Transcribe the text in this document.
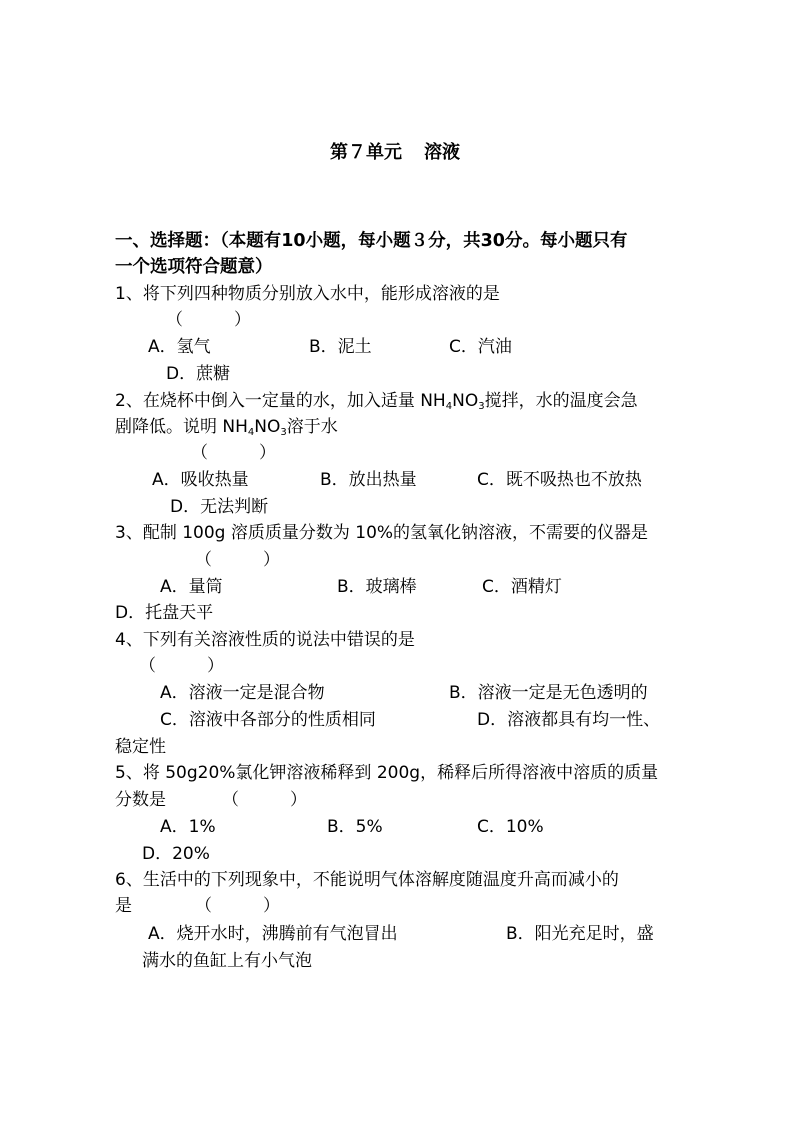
第７单元 溶液
一、选择题：（本题有10小题，每小题３分，共30分。每小题只有
一个选项符合题意）
1、将下列四种物质分别放入水中，能形成溶液的是
（　　　）
A．氢气	B．泥土	C．汽油
D．蔗糖
2、在烧杯中倒入一定量的水，加入适量 $NH_4NO_3$搅拌，水的温度会急
剧降低。说明 $NH_4NO_3$溶于水
（　　　）
A．吸收热量	B．放出热量	C．既不吸热也不放热
D．无法判断
3、配制 100g 溶质质量分数为 10%的氢氧化钠溶液，不需要的仪器是
（　　　）
A．量筒	B．玻璃棒	C．酒精灯
D．托盘天平
4、下列有关溶液性质的说法中错误的是
（　　　）
A．溶液一定是混合物	B．溶液一定是无色透明的
C．溶液中各部分的性质相同	D．溶液都具有均一性、
稳定性
5、将 50g20%氯化钾溶液稀释到 200g，稀释后所得溶液中溶质的质量
分数是	（　　　）
A．1%	B．5%	C．10%
D．20%
6、生活中的下列现象中，不能说明气体溶解度随温度升高而减小的
是	（　　　）
A．烧开水时，沸腾前有气泡冒出	B．阳光充足时，盛
满水的鱼缸上有小气泡
